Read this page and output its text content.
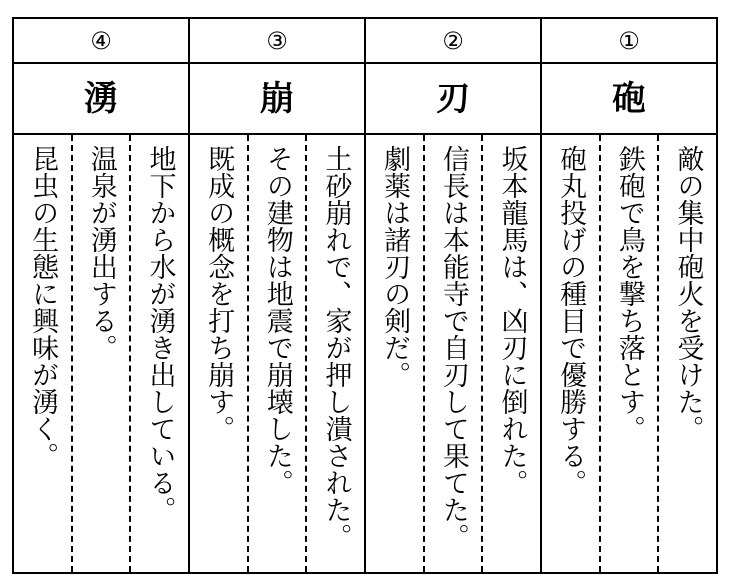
④
湧
昆虫の生態に興味が湧く。 温泉が湧出する。 地下から水が湧き出している。
③
崩
既成の概念を打ち崩す。 その建物は地震で崩壊した。 土砂崩れで、家が押し潰された。
②
刃
劇薬は諸刃の剣だ。 信長は本能寺で自刃して果てた。 坂本龍馬は、凶刃に倒れた。
①
砲
砲丸投げの種目で優勝する。 鉄砲で鳥を撃ち落とす。 敵の集中砲火を受けた。
